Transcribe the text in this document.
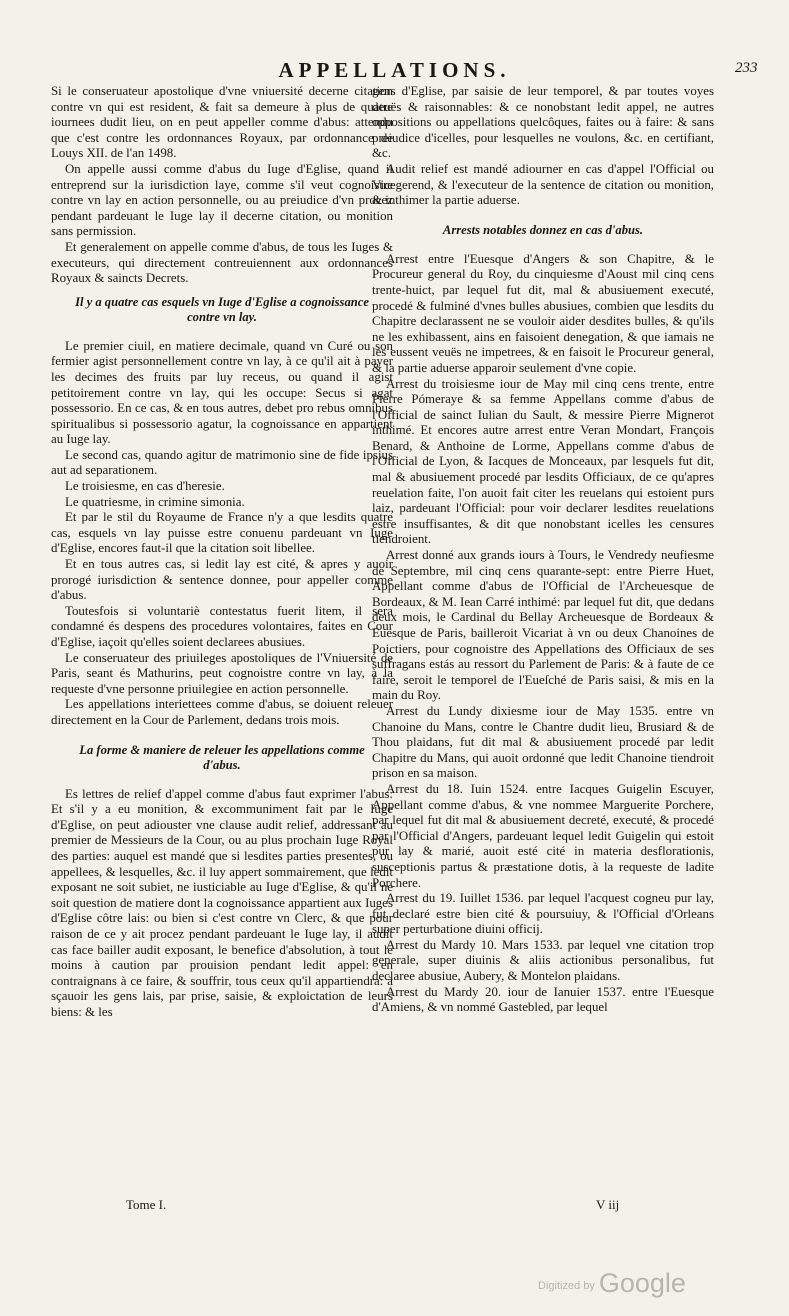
APPELLATIONS.	233

Si le conseruateur apostolique d'vne vniuersité decerne citation contre vn qui est resident, & fait sa demeure à plus de quatre iournees dudit lieu, on en peut appeller comme d'abus: attendu que c'est contre les ordonnances Royaux, par ordonnance de Louys XII. de l'an 1498.

On appelle aussi comme d'abus du Iuge d'Eglise, quand il entreprend sur la iurisdiction laye, comme s'il veut cognoistre contre vn lay en action personnelle, ou au preiudice d'vn procez pendant pardeuant le Iuge lay il decerne citation, ou monition sans permission.

Et generalement on appelle comme d'abus, de tous les Iuges & executeurs, qui directement contreuiennent aux ordonnances Royaux & saincts Decrets.

Il y a quatre cas esquels vn Iuge d'Eglise a cognoissance contre vn lay.

Le premier ciuil, en matiere decimale, quand vn Curé ou son fermier agist personnellement contre vn lay, à ce qu'il ait à payer les decimes des fruits par luy receus, ou quand il agist petitoirement contre vn lay, qui les occupe: Secus si agat possessorio. En ce cas, & en tous autres, debet pro rebus omnibus spiritualibus si possessorio agatur, la cognoissance en appartient au Iuge lay.

Le second cas, quando agitur de matrimonio sine de fide ipsius aut ad separationem.

Le troisiesme, en cas d'heresie.

Le quatriesme, in crimine simonia.

Et par le stil du Royaume de France n'y a que lesdits quatre cas, esquels vn lay puisse estre conuenu pardeuant vn Iuge d'Eglise, encores faut-il que la citation soit libellee.

Et en tous autres cas, si ledit lay est cité, & apres y auoir prorogé iurisdiction & sentence donnee, pour appeller comme d'abus.

Toutesfois si voluntariè contestatus fuerit litem, il sera condamné és despens des procedures volontaires, faites en Cour d'Eglise, iaçoit qu'elles soient declarees abusiues.

Le conseruateur des priuileges apostoliques de l'Vniuersité de Paris, seant és Mathurins, peut cognoistre contre vn lay, à la requeste d'vne personne priuilegiee en action personnelle.

Les appellations interiettees comme d'abus, se doiuent releuer directement en la Cour de Parlement, dedans trois mois.

La forme & maniere de releuer les appellations comme d'abus.

Es lettres de relief d'appel comme d'abus faut exprimer l'abus: Et s'il y a eu monition, & excommuniment fait par le Iuge d'Eglise, on peut adiouster vne clause audit relief, addressant au premier de Messieurs de la Cour, ou au plus prochain Iuge Royal des parties: auquel est mandé que si lesdites parties presentes, ou appellees, & lesquelles, &c. il luy appert sommairement, que ledit exposant ne soit subiet, ne iusticiable au Iuge d'Eglise, & qu'il ne soit question de matiere dont la cognoissance appartient aux Iuges d'Eglise côtre lais: ou bien si c'est contre vn Clerc, & que pour raison de ce y ait procez pendant pardeuant le Iuge lay, il audit cas face bailler audit exposant, le benefice d'absolution, à tout le moins à caution par prouision pendant ledit appel: en contraignans à ce faire, & souffrir, tous ceux qu'il appartiendra: à sçauoir les gens lais, par prise, saisie, & exploictation de leurs biens: & les

gens d'Eglise, par saisie de leur temporel, & par toutes voyes deuës & raisonnables: & ce nonobstant ledit appel, ne autres oppositions ou appellations quelcôques, faites ou à faire: & sans preiudice d'icelles, pour lesquelles ne voulons, &c. en certifiant, &c.

Audit relief est mandé adiourner en cas d'appel l'Official ou Vicegerend, & l'executeur de la sentence de citation ou monition, & inthimer la partie aduerse.

Arrests notables donnez en cas d'abus.

Arrest entre l'Euesque d'Angers & son Chapitre, & le Procureur general du Roy, du cinquiesme d'Aoust mil cinq cens trente-huict, par lequel fut dit, mal & abusiuement executé, procedé & fulminé d'vnes bulles abusiues, combien que lesdits du Chapitre declarassent ne se vouloir aider desdites bulles, & qu'ils ne les exhibassent, ains en faisoient denegation, & que iamais ne les eussent veuës ne impetrees, & en faisoit le Procureur general, & la partie aduerse apparoir seulement d'vne copie.

Arrest du troisiesme iour de May mil cinq cens trente, entre Pierre Pómeraye & sa femme Appellans comme d'abus de l'Official de sainct Iulian du Sault, & messire Pierre Mignerot inthimé. Et encores autre arrest entre Veran Mondart, François Benard, & Anthoine de Lorme, Appellans comme d'abus de l'Official de Lyon, & Iacques de Monceaux, par lesquels fut dit, mal & abusiuement procedé par lesdits Officiaux, de ce qu'apres reuelation faite, l'on auoit fait citer les reuelans qui estoient purs laiz, pardeuant l'Official: pour voir declarer lesdites reuelations estre insuffisantes, & dit que nonobstant icelles les censures tiendroient.

Arrest donné aux grands iours à Tours, le Vendredy neufiesme de Septembre, mil cinq cens quarante-sept: entre Pierre Huet, Appellant comme d'abus de l'Official de l'Archeuesque de Bordeaux, & M. Iean Carré inthimé: par lequel fut dit, que dedans deux mois, le Cardinal du Bellay Archeuesque de Bordeaux & Euesque de Paris, bailleroit Vicariat à vn ou deux Chanoines de Poictiers, pour cognoistre des Appellations des Officiaux de ses suffragans estás au ressort du Parlement de Paris: & à faute de ce faire, seroit le temporel de l'Eueſché de Paris saisi, & mis en la main du Roy.

Arrest du Lundy dixiesme iour de May 1535. entre vn Chanoine du Mans, contre le Chantre dudit lieu, Brusiard & de Thou plaidans, fut dit mal & abusiuement procedé par ledit Chapitre du Mans, qui auoit ordonné que ledit Chanoine tiendroit prison en sa maison.

Arrest du 18. Iuin 1524. entre Iacques Guigelin Escuyer, Appellant comme d'abus, & vne nommee Marguerite Porchere, par lequel fut dit mal & abusiuement decreté, executé, & procedé par l'Official d'Angers, pardeuant lequel ledit Guigelin qui estoit pur lay & marié, auoit esté cité in materia desflorationis, susceptionis partus & præstatione dotis, à la requeste de ladite Porchere.

Arrest du 19. Iuillet 1536. par lequel l'acquest cogneu pur lay, fut declaré estre bien cité & poursuiuy, & l'Official d'Orleans super perturbatione diuini officij.

Arrest du Mardy 10. Mars 1533. par lequel vne citation trop generale, super diuinis & aliis actionibus personalibus, fut declaree abusiue, Aubery, & Montelon plaidans.

Arrest du Mardy 20. iour de Ianuier 1537. entre l'Euesque d'Amiens, & vn nommé Gastebled, par lequel

Tome I.	V iij
Digitized by Google
